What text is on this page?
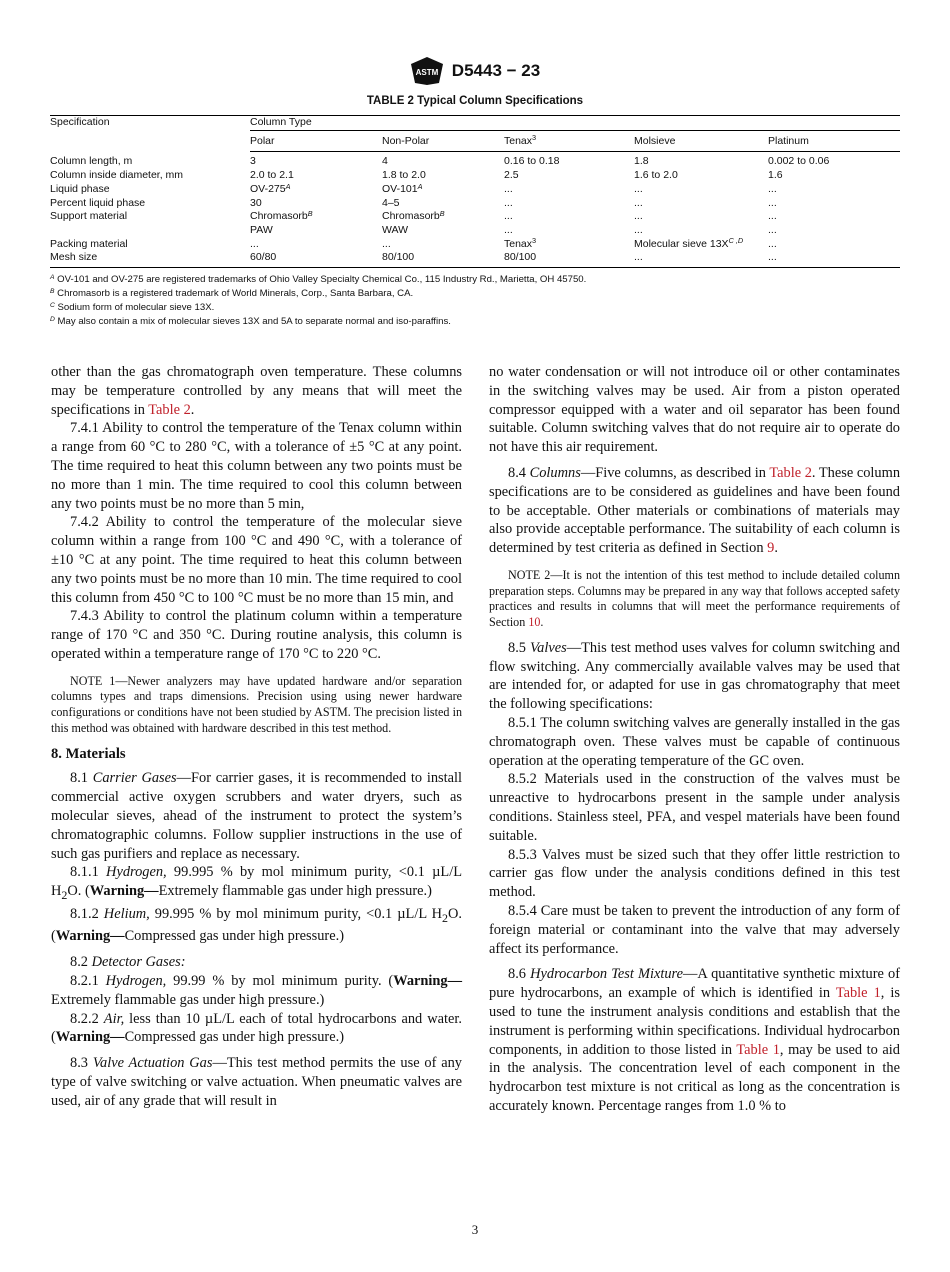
ASTM D5443 − 23
TABLE 2 Typical Column Specifications
Specification	Column Type				
	Polar	Non-Polar	Tenax$^3$	Molsieve	Platinum
Column length, m	3	4	0.16 to 0.18	1.8	0.002 to 0.06
Column inside diameter, mm	2.0 to 2.1	1.8 to 2.0	2.5	1.6 to 2.0	1.6
Liquid phase	$OV-275^A$	$OV-101^A$	...	...	...
Percent liquid phase	30	4–5	...	...	...
Support material	Chromasorb$^B$	Chromasorb$^B$	...	...	...
	PAW	WAW	...	...	...
Packing material	...	...	Tenax$^3$	Molecular sieve $13X^{C ,D}$	...
Mesh size	60/80	80/100	80/100	...	...

$^A$ OV-101 and OV-275 are registered trademarks of Ohio Valley Specialty Chemical Co., 115 Industry Rd., Marietta, OH 45750.

$^B$ Chromasorb is a registered trademark of World Minerals, Corp., Santa Barbara, CA.

$^C$ Sodium form of molecular sieve 13X.

$^D$ May also contain a mix of molecular sieves 13X and 5A to separate normal and iso-paraffins.

other than the gas chromatograph oven temperature. These columns may be temperature controlled by any means that will meet the specifications in Table 2.

7.4.1 Ability to control the temperature of the Tenax column within a range from 60 °C to 280 °C, with a tolerance of ±5 °C at any point. The time required to heat this column between any two points must be no more than 1 min. The time required to cool this column between any two points must be no more than 5 min,

7.4.2 Ability to control the temperature of the molecular sieve column within a range from 100 °C and 490 °C, with a tolerance of ±10 °C at any point. The time required to heat this column between any two points must be no more than 10 min. The time required to cool this column from 450 °C to 100 °C must be no more than 15 min, and

7.4.3 Ability to control the platinum column within a temperature range of 170 °C and 350 °C. During routine analysis, this column is operated within a temperature range of 170 °C to 220 °C.

NOTE 1—Newer analyzers may have updated hardware and/or separation columns types and traps dimensions. Precision using using newer hardware configurations or conditions have not been studied by ASTM. The precision listed in this method was obtained with hardware described in this test method.

8. Materials

8.1 Carrier Gases—For carrier gases, it is recommended to install commercial active oxygen scrubbers and water dryers, such as molecular sieves, ahead of the instrument to protect the system’s chromatographic columns. Follow supplier instructions in the use of such gas purifiers and replace as necessary.

8.1.1 Hydrogen, 99.995 % by mol minimum purity, <0.1 µL/L $H_2O$. (Warning—Extremely flammable gas under high pressure.)

8.1.2 Helium, 99.995 % by mol minimum purity, <0.1 µL/L $H_2O$. (Warning—Compressed gas under high pressure.)

8.2 Detector Gases:

8.2.1 Hydrogen, 99.99 % by mol minimum purity. (Warning—Extremely flammable gas under high pressure.)

8.2.2 Air, less than 10 µL/L each of total hydrocarbons and water. (Warning—Compressed gas under high pressure.)

8.3 Valve Actuation Gas—This test method permits the use of any type of valve switching or valve actuation. When pneumatic valves are used, air of any grade that will result in

no water condensation or will not introduce oil or other contaminates in the switching valves may be used. Air from a piston operated compressor equipped with a water and oil separator has been found suitable. Column switching valves that do not require air to operate do not have this air requirement.

8.4 Columns—Five columns, as described in Table 2. These column specifications are to be considered as guidelines and have been found to be acceptable. Other materials or combinations of materials may also provide acceptable performance. The suitability of each column is determined by test criteria as defined in Section 9.

NOTE 2—It is not the intention of this test method to include detailed column preparation steps. Columns may be prepared in any way that follows accepted safety practices and results in columns that will meet the performance requirements of Section 10.

8.5 Valves—This test method uses valves for column switching and flow switching. Any commercially available valves may be used that are intended for, or adapted for use in gas chromatography that meet the following specifications:

8.5.1 The column switching valves are generally installed in the gas chromatograph oven. These valves must be capable of continuous operation at the operating temperature of the GC oven.

8.5.2 Materials used in the construction of the valves must be unreactive to hydrocarbons present in the sample under analysis conditions. Stainless steel, PFA, and vespel materials have been found suitable.

8.5.3 Valves must be sized such that they offer little restriction to carrier gas flow under the analysis conditions defined in this test method.

8.5.4 Care must be taken to prevent the introduction of any form of foreign material or contaminant into the valve that may adversely affect its performance.

8.6 Hydrocarbon Test Mixture—A quantitative synthetic mixture of pure hydrocarbons, an example of which is identified in Table 1, is used to tune the instrument analysis conditions and establish that the instrument is performing within specifications. Individual hydrocarbon components, in addition to those listed in Table 1, may be used to aid in the analysis. The concentration level of each component in the hydrocarbon test mixture is not critical as long as the concentration is accurately known. Percentage ranges from 1.0 % to

3
